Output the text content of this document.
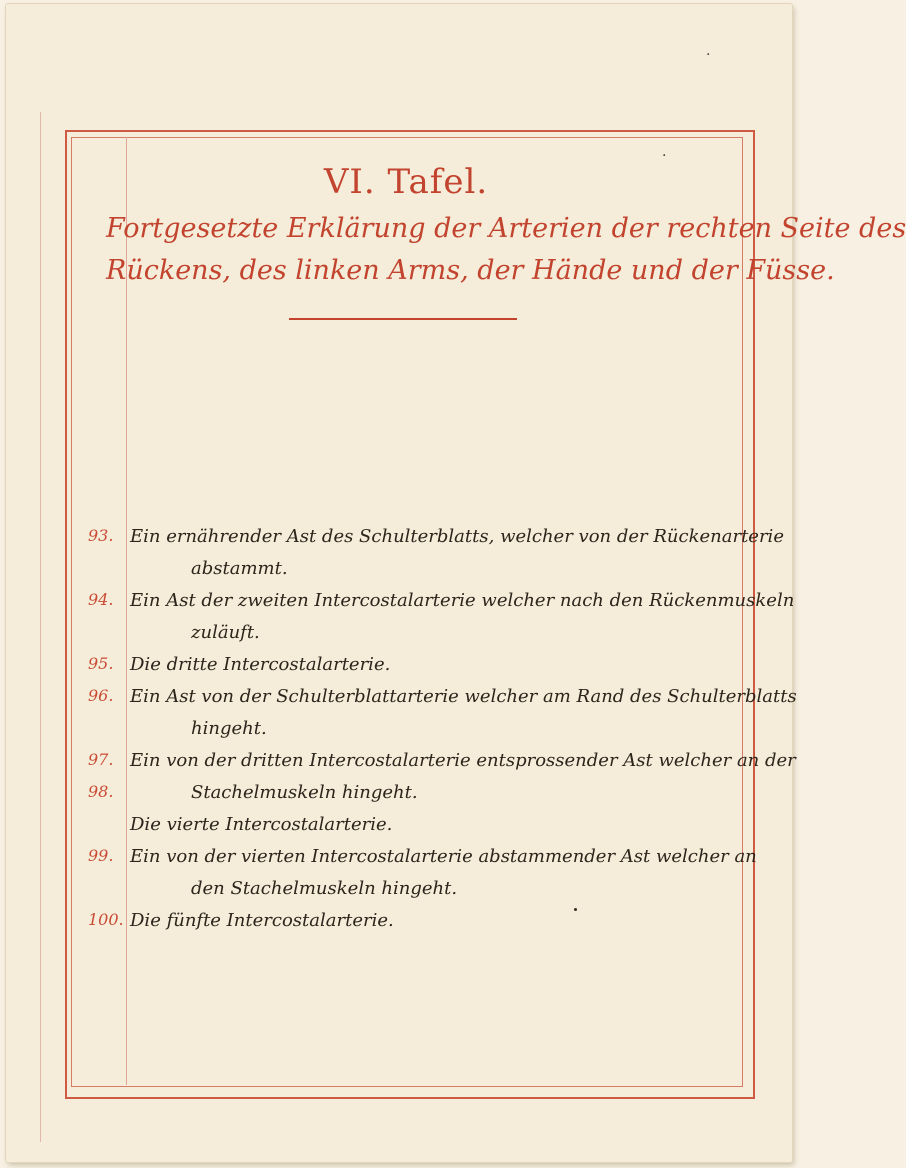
·
·
VI. Tafel.
Fortgesetzte Erklärung der Arterien der rechten Seite des
Rückens, des linken Arms, der Hände und der Füsse.
93. Ein ernährender Ast des Schulterblatts, welcher von der Rückenarterie
abstammt.
94. Ein Ast der zweiten Intercostalarterie welcher nach den Rückenmuskeln
zuläuft.
95. Die dritte Intercostalarterie.
96. Ein Ast von der Schulterblattarterie welcher am Rand des Schulterblatts
hingeht.
97. Ein von der dritten Intercostalarterie entsprossender Ast welcher an der
98.	Stachelmuskeln hingeht.
Die vierte Intercostalarterie.
99. Ein von der vierten Intercostalarterie abstammender Ast welcher an
den Stachelmuskeln hingeht.
100. Die fünfte Intercostalarterie.
